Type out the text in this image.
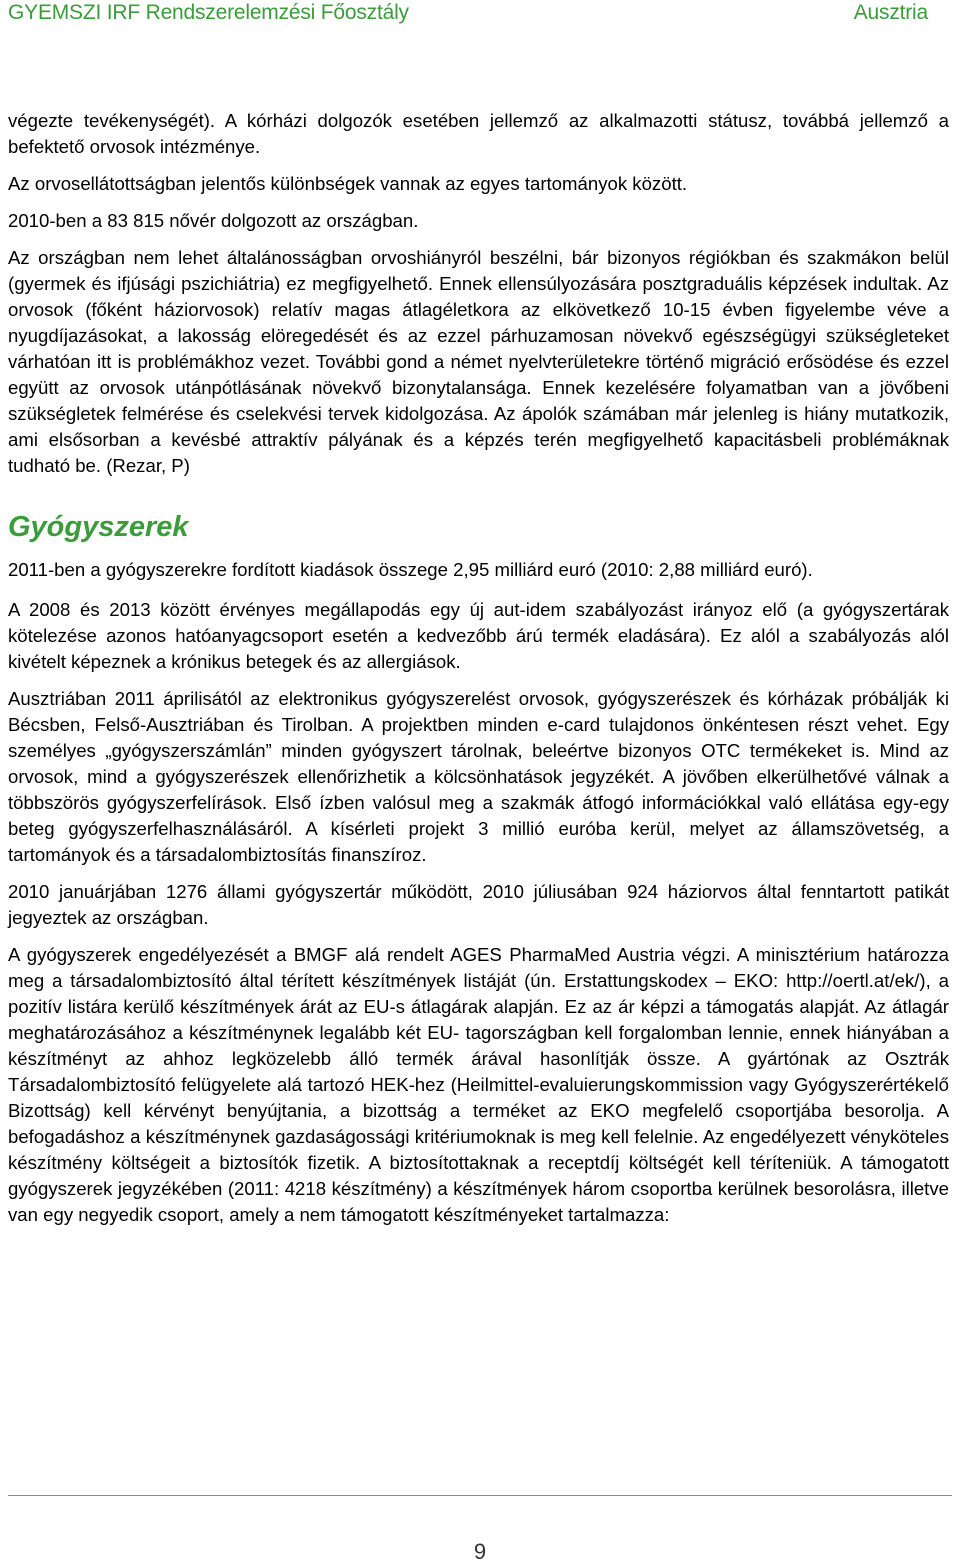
GYEMSZI IRF Rendszerelemzési Főosztály	Ausztria

végezte tevékenységét). A kórházi dolgozók esetében jellemző az alkalmazotti státusz, továbbá jellemző a befektető orvosok intézménye.

Az orvosellátottságban jelentős különbségek vannak az egyes tartományok között.

2010-ben a 83 815 nővér dolgozott az országban.

Az országban nem lehet általánosságban orvoshiányról beszélni, bár bizonyos régiókban és szakmákon belül (gyermek és ifjúsági pszichiátria) ez megfigyelhető. Ennek ellensúlyozására posztgraduális képzések indultak. Az orvosok (főként háziorvosok) relatív magas átlagéletkora az elkövetkező 10-15 évben figyelembe véve a nyugdíjazásokat, a lakosság elöregedését és az ezzel párhuzamosan növekvő egészségügyi szükségleteket várhatóan itt is problémákhoz vezet. További gond a német nyelvterületekre történő migráció erősödése és ezzel együtt az orvosok utánpótlásának növekvő bizonytalansága. Ennek kezelésére folyamatban van a jövőbeni szükségletek felmérése és cselekvési tervek kidolgozása. Az ápolók számában már jelenleg is hiány mutatkozik, ami elsősorban a kevésbé attraktív pályának és a képzés terén megfigyelhető kapacitásbeli problémáknak tudható be. (Rezar, P)

Gyógyszerek

2011-ben a gyógyszerekre fordított kiadások összege 2,95 milliárd euró (2010: 2,88 milliárd euró).

A 2008 és 2013 között érvényes megállapodás egy új aut-idem szabályozást irányoz elő (a gyógyszertárak kötelezése azonos hatóanyagcsoport esetén a kedvezőbb árú termék eladására). Ez alól a szabályozás alól kivételt képeznek a krónikus betegek és az allergiások.

Ausztriában 2011 áprilisától az elektronikus gyógyszerelést orvosok, gyógyszerészek és kórházak próbálják ki Bécsben, Felső-Ausztriában és Tirolban. A projektben minden e-card tulajdonos önkéntesen részt vehet. Egy személyes „gyógyszerszámlán” minden gyógyszert tárolnak, beleértve bizonyos OTC termékeket is. Mind az orvosok, mind a gyógyszerészek ellenőrizhetik a kölcsönhatások jegyzékét. A jövőben elkerülhetővé válnak a többszörös gyógyszerfelírások. Első ízben valósul meg a szakmák átfogó információkkal való ellátása egy-egy beteg gyógyszerfelhasználásáról. A kísérleti projekt 3 millió euróba kerül, melyet az államszövetség, a tartományok és a társadalombiztosítás finanszíroz.

2010 januárjában 1276 állami gyógyszertár működött, 2010 júliusában 924 háziorvos által fenntartott patikát jegyeztek az országban.

A gyógyszerek engedélyezését a BMGF alá rendelt AGES PharmaMed Austria végzi. A minisztérium határozza meg a társadalombiztosító által térített készítmények listáját (ún. Erstattungskodex – EKO: http://oertl.at/ek/), a pozitív listára kerülő készítmények árát az EU-s átlagárak alapján. Ez az ár képzi a támogatás alapját. Az átlagár meghatározásához a készítménynek legalább két EU- tagországban kell forgalomban lennie, ennek hiányában a készítményt az ahhoz legközelebb álló termék árával hasonlítják össze. A gyártónak az Osztrák Társadalombiztosító felügyelete alá tartozó HEK-hez (Heilmittel-evaluierungskommission vagy Gyógyszerértékelő Bizottság) kell kérvényt benyújtania, a bizottság a terméket az EKO megfelelő csoportjába besorolja. A befogadáshoz a készítménynek gazdaságossági kritériumoknak is meg kell felelnie. Az engedélyezett vényköteles készítmény költségeit a biztosítók fizetik. A biztosítottaknak a receptdíj költségét kell téríteniük. A támogatott gyógyszerek jegyzékében (2011: 4218 készítmény) a készítmények három csoportba kerülnek besorolásra, illetve van egy negyedik csoport, amely a nem támogatott készítményeket tartalmazza:

9
